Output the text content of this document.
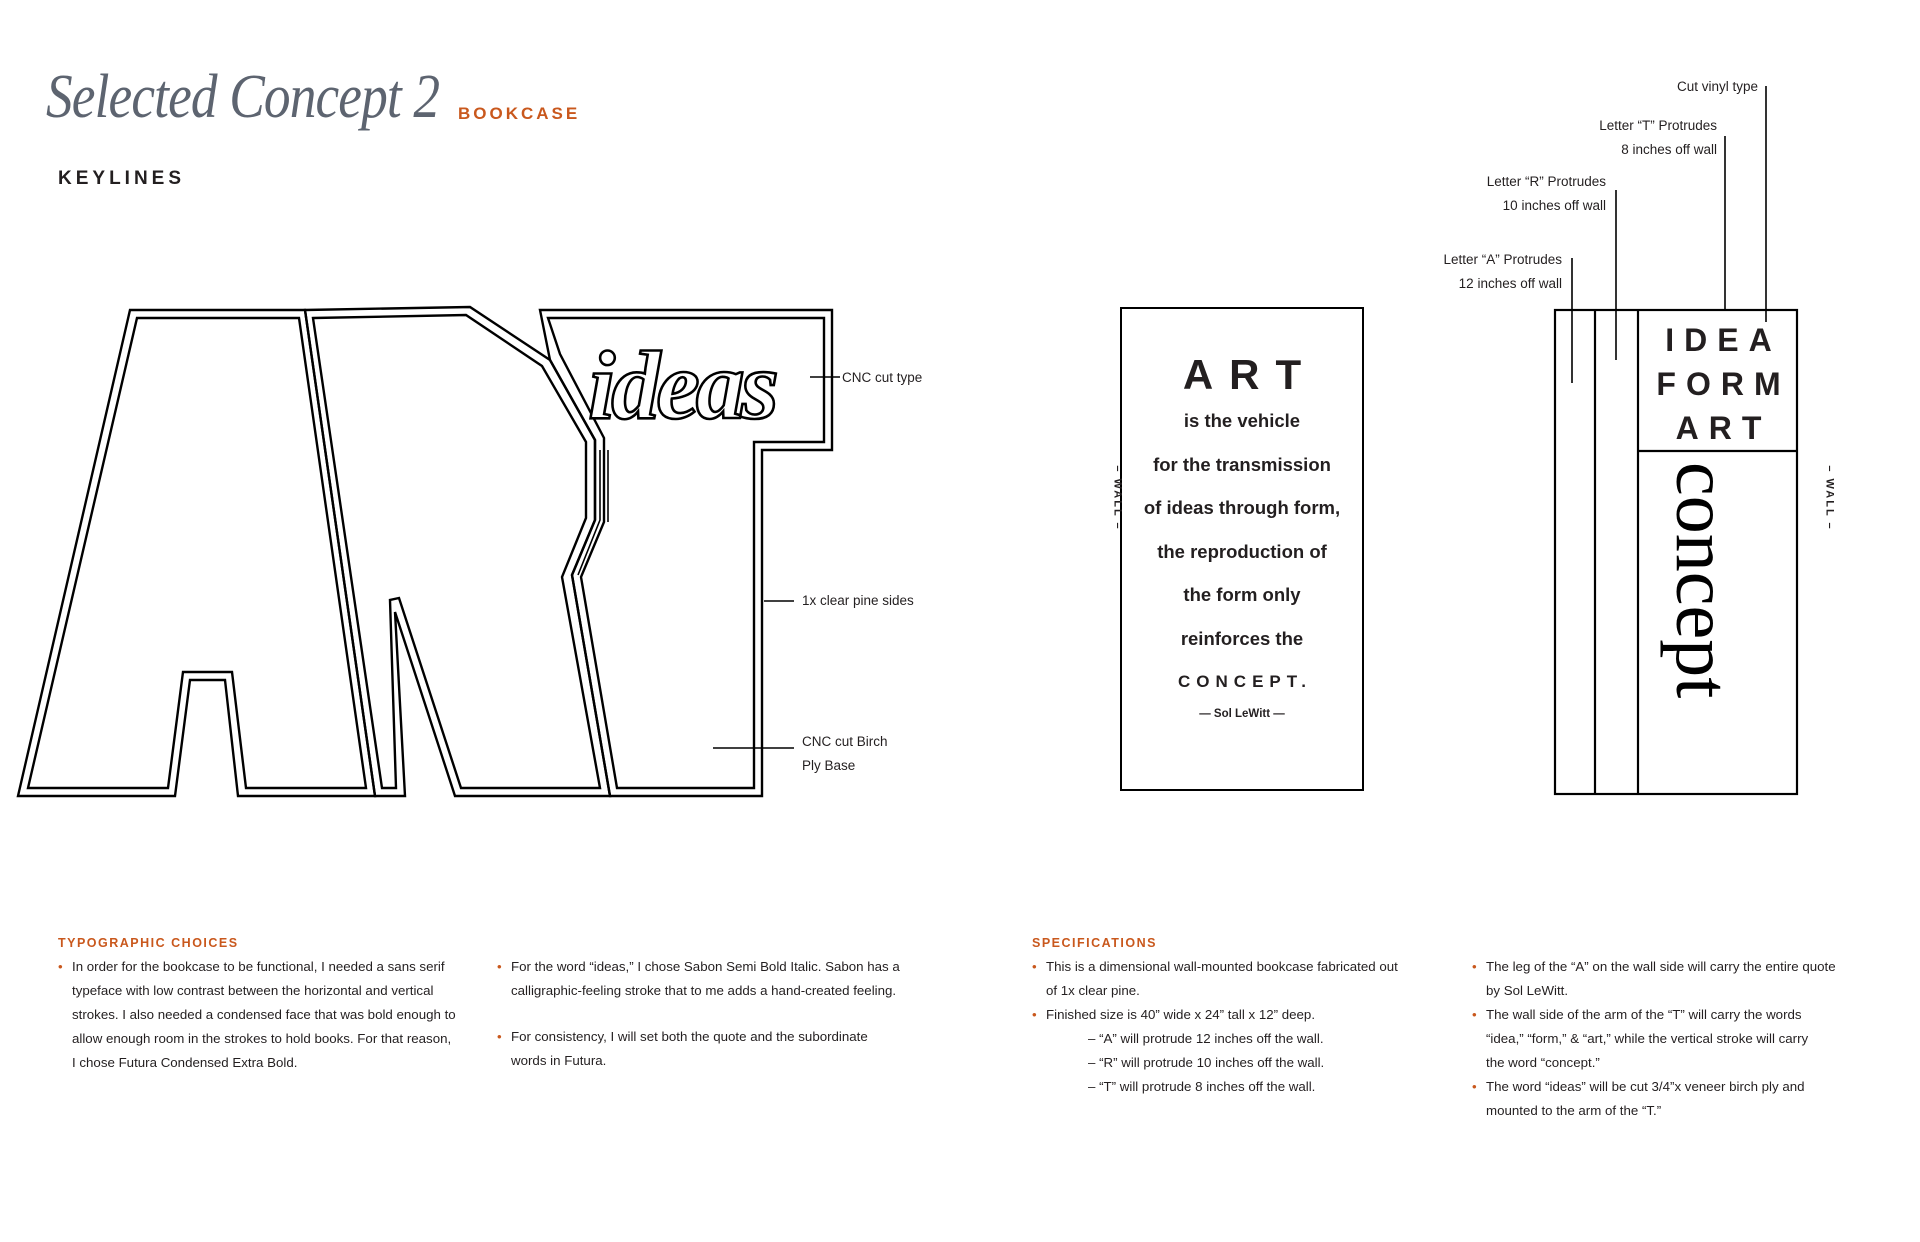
Selected Concept 2 BOOKCASE
KEYLINES
ideas	CNC cut type
1x clear pine sides
CNC cut Birch
Ply Base
ART
is the vehicle
for the transmission
of ideas through form,
the reproduction of
the form only
reinforces the
CONCEPT.
— Sol LeWitt —
– WALL –	concept
IDEA
FORM
ART
– WALL –
Cut vinyl type
Letter “T” Protrudes
8 inches off wall
Letter “R” Protrudes
10 inches off wall
Letter “A” Protrudes
12 inches off wall
TYPOGRAPHIC CHOICES
• In order for the bookcase to be functional, I needed a sans serif
typeface with low contrast between the horizontal and vertical
strokes. I also needed a condensed face that was bold enough to
allow enough room in the strokes to hold books. For that reason,
I chose Futura Condensed Extra Bold.
• For the word “ideas,” I chose Sabon Semi Bold Italic. Sabon has a
calligraphic-feeling stroke that to me adds a hand-created feeling.
• For consistency, I will set both the quote and the subordinate
words in Futura.
SPECIFICATIONS
• This is a dimensional wall-mounted bookcase fabricated out
of 1x clear pine.
• Finished size is 40” wide x 24” tall x 12” deep.
– “A” will protrude 12 inches off the wall.
– “R” will protrude 10 inches off the wall.
– “T” will protrude 8 inches off the wall.
• The leg of the “A” on the wall side will carry the entire quote
by Sol LeWitt.
• The wall side of the arm of the “T” will carry the words
“idea,” “form,” & “art,” while the vertical stroke will carry
the word “concept.”
• The word “ideas” will be cut 3/4”x veneer birch ply and
mounted to the arm of the “T.”
